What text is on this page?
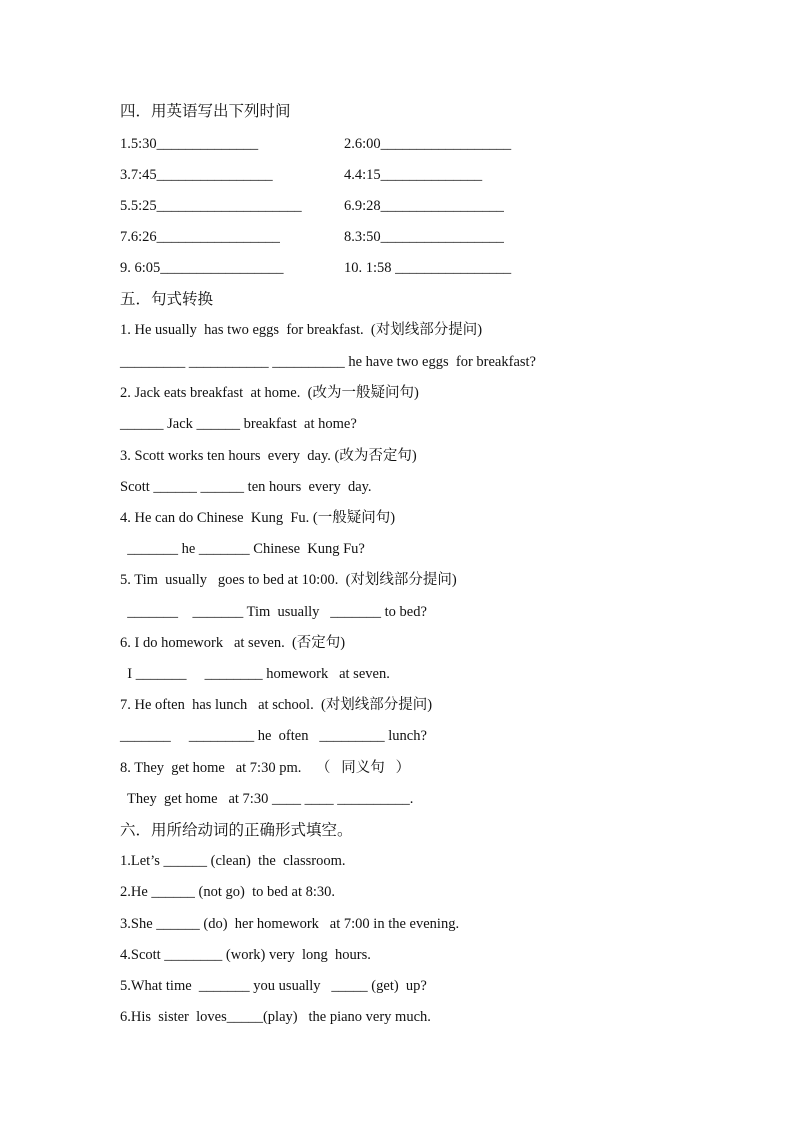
四．用英语写出下列时间
1.5:30______________	2.6:00__________________
3.7:45________________	4.4:15______________
5.5:25____________________	6.9:28_________________
7.6:26_________________	8.3:50_________________
9. 6:05_________________	10. 1:58 ________________
五．句式转换
1. He usually  has two eggs  for breakfast.  (对划线部分提问)
_________ ___________ __________ he have two eggs  for breakfast?
2. Jack eats breakfast  at home.  (改为一般疑问句)
______ Jack ______ breakfast  at home?
3. Scott works ten hours  every  day. (改为否定句)
Scott ______ ______ ten hours  every  day.
4. He can do Chinese  Kung  Fu. (一般疑问句)
_______ he _______ Chinese  Kung Fu?
5. Tim  usually   goes to bed at 10:00.  (对划线部分提问)
_______    _______ Tim  usually   _______ to bed?
6. I do homework   at seven.  (否定句)
I _______     ________ homework   at seven.
7. He often  has lunch   at school.  (对划线部分提问)
_______     _________ he  often   _________ lunch?
8. They  get home   at 7:30 pm.    （   同义句   ）
They  get home   at 7:30 ____ ____ __________.
六．用所给动词的正确形式填空。
1.Let’s ______ (clean)  the  classroom.
2.He ______ (not go)  to bed at 8:30.
3.She ______ (do)  her homework   at 7:00 in the evening.
4.Scott ________ (work) very  long  hours.
5.What time  _______ you usually   _____ (get)  up?
6.His  sister  loves_____(play)   the piano very much.
